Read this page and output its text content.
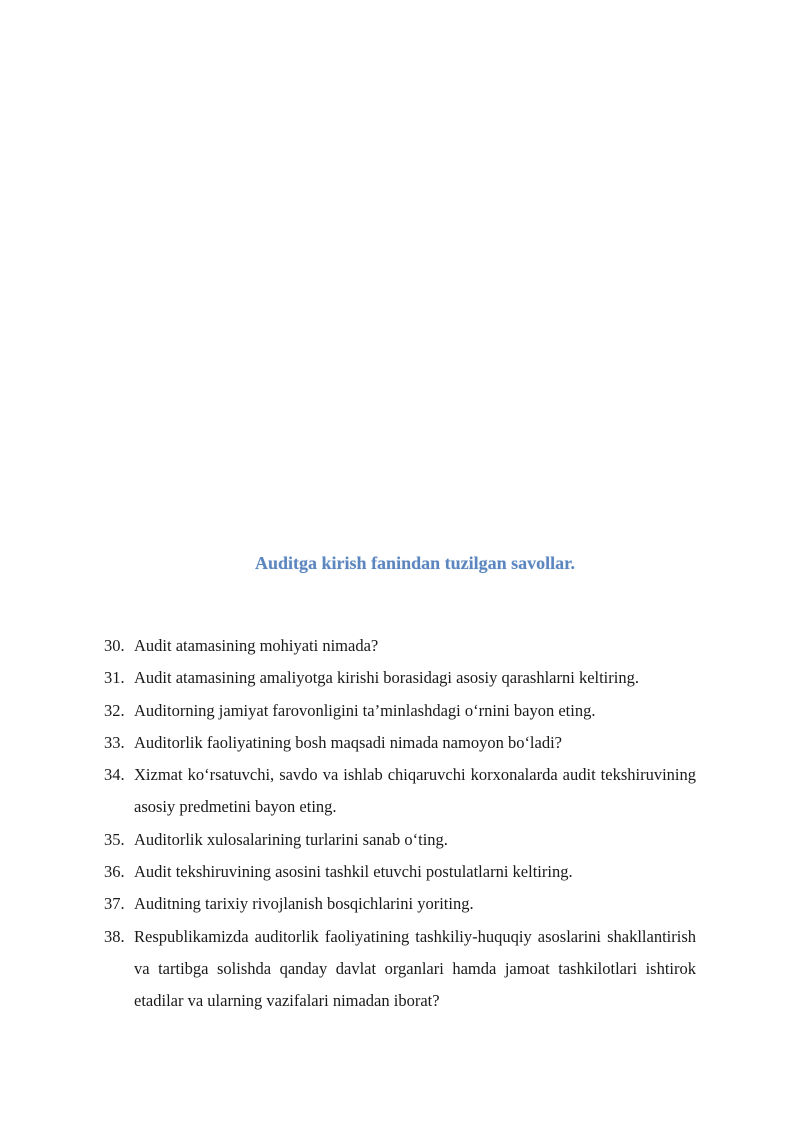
Auditga kirish fanindan tuzilgan savollar.
30. Audit atamasining mohiyati nimada?
31. Audit atamasining amaliyotga kirishi borasidagi asosiy qarashlarni keltiring.
32. Auditorning jamiyat farovonligini ta’minlashdagi o‘rnini bayon eting.
33. Auditorlik faoliyatining bosh maqsadi nimada namoyon bo‘ladi?
34. Xizmat ko‘rsatuvchi, savdo va ishlab chiqaruvchi korxonalarda audit tekshiruvining asosiy predmetini bayon eting.
35. Auditorlik xulosalarining turlarini sanab o‘ting.
36. Audit tekshiruvining asosini tashkil etuvchi postulatlarni keltiring.
37. Auditning tarixiy rivojlanish bosqichlarini yoriting.
38. Respublikamizda auditorlik faoliyatining tashkiliy-huquqiy asoslarini shakllantirish va tartibga solishda qanday davlat organlari hamda jamoat tashkilotlari ishtirok etadilar va ularning vazifalari nimadan iborat?
